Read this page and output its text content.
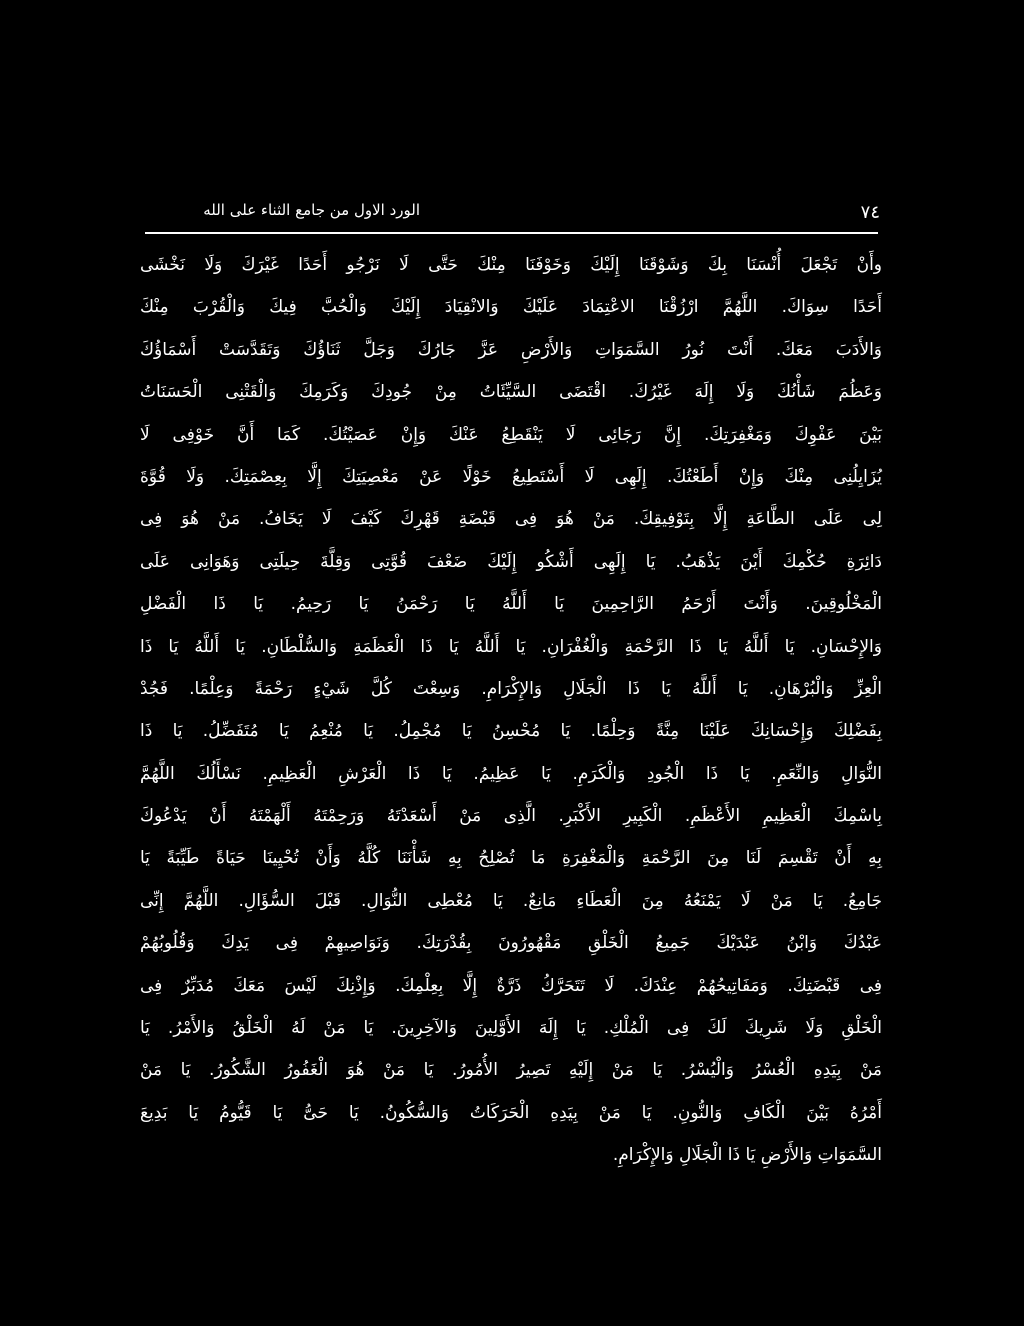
٧٤
الورد الاول من جامع الثناء على الله
وأَنْ تَجْعَلَ أُنْسَنَا بِكَ وَشَوْقَنَا إِلَيْكَ وَخَوْفَنَا مِنْكَ حَتَّى لَا نَرْجُو أَحَدًا غَيْرَكَ وَلَا نَخْشَى
أَحَدًا سِوَاكَ. اللَّهُمَّ ارْزُقْنَا الاعْتِمَادَ عَلَيْكَ وَالانْقِيَادَ إِلَيْكَ وَالْحُبَّ فِيكَ وَالْقُرْبَ مِنْكَ
وَالأَدَبَ مَعَكَ. أَنْتَ نُورُ السَّمَوَاتِ وَالأَرْضِ عَزَّ جَارُكَ وَجَلَّ ثَنَاؤُكَ وَتَقَدَّسَتْ أَسْمَاؤُكَ
وَعَظُمَ شَأْنُكَ وَلَا إِلَهَ غَيْرُكَ. اقْتَضَى السَّيِّئَاتُ مِنْ جُودِكَ وَكَرَمِكَ وَالْقَتْنِى الْحَسَنَاتُ
بَيْنَ عَفْوِكَ وَمَغْفِرَتِكَ. إِنَّ رَجَائِى لَا يَنْقَطِعُ عَنْكَ وَإِنْ عَصَيْتُكَ. كَمَا أَنَّ خَوْفِى لَا
يُزَايِلُنِى مِنْكَ وَإِنْ أَطَعْتُكَ. إِلَهِى لَا أَسْتَطِيعُ خَوْلًا عَنْ مَعْصِيَتِكَ إِلَّا بِعِصْمَتِكَ. وَلَا قُوَّةَ
لِى عَلَى الطَّاعَةِ إِلَّا بِتَوْفِيقِكَ. مَنْ هُوَ فِى قَبْضَةِ قَهْرِكَ كَيْفَ لَا يَخَافُ. مَنْ هُوَ فِى
دَائِرَةِ حُكْمِكَ أَيْنَ يَذْهَبُ. يَا إِلَهِى أَشْكُو إِلَيْكَ ضَعْفَ قُوَّتِى وَقِلَّةَ حِيلَتِى وَهَوَانِى عَلَى
الْمَخْلُوقِينَ. وَأَنْتَ أَرْحَمُ الرَّاحِمِينَ يَا أَللَّهُ يَا رَحْمَنُ يَا رَحِيمُ. يَا ذَا الْفَضْلِ
وَالإِحْسَانِ. يَا أَللَّهُ يَا ذَا الرَّحْمَةِ وَالْغُفْرَانِ. يَا أَللَّهُ يَا ذَا الْعَظَمَةِ وَالسُّلْطَانِ. يَا أَللَّهُ يَا ذَا
الْعِزِّ وَالْبُرْهَانِ. يَا أَللَّهُ يَا ذَا الْجَلَالِ وَالإِكْرَامِ. وَسِعْتَ كُلَّ شَيْءٍ رَحْمَةً وَعِلْمًا. فَجُدْ
بِفَضْلِكَ وَإِحْسَانِكَ عَلَيْنَا مِنَّةً وَحِلْمًا. يَا مُحْسِنُ يَا مُجْمِلُ. يَا مُنْعِمُ يَا مُتَفَضِّلُ. يَا ذَا
النُّوَالِ وَالنِّعَمِ. يَا ذَا الْجُودِ وَالْكَرَمِ. يَا عَظِيمُ. يَا ذَا الْعَرْشِ الْعَظِيمِ. نَسْأَلُكَ اللَّهُمَّ
بِاسْمِكَ الْعَظِيمِ الأَعْظَمِ. الْكَبِيرِ الأَكْبَرِ. الَّذِى مَنْ أَسْعَدْتَهُ وَرَحِمْتَهُ أَلْهَمْتَهُ أَنْ يَدْعُوكَ
بِهِ أَنْ تَقْسِمَ لَنَا مِنَ الرَّحْمَةِ وَالْمَغْفِرَةِ مَا تُصْلِحُ بِهِ شَأْنَنَا كُلَّهُ وَأَنْ تُحْيِينَا حَيَاةً طَيِّبَةً يَا
جَامِعُ. يَا مَنْ لَا يَمْنَعُهُ مِنَ الْعَطَاءِ مَانِعٌ. يَا مُعْطِى النُّوَالِ. قَبْلَ السُّؤَالِ. اللَّهُمَّ إِنِّى
عَبْدُكَ وَابْنُ عَبْدَيْكَ جَمِيعُ الْخَلْقِ مَقْهُورُونَ بِقُدْرَتِكَ. وَنَوَاصِيهِمْ فِى يَدِكَ وَقُلُوبُهُمْ
فِى قَبْضَتِكَ. وَمَفَاتِيحُهُمْ عِنْدَكَ. لَا تَتَحَرَّكُ ذَرَّةٌ إِلَّا بِعِلْمِكَ. وَإِذْنِكَ لَيْسَ مَعَكَ مُدَبِّرٌ فِى
الْخَلْقِ وَلَا شَرِيكَ لَكَ فِى الْمُلْكِ. يَا إِلَهَ الأَوَّلِينَ وَالآخِرِينَ. يَا مَنْ لَهُ الْخَلْقُ وَالأَمْرُ. يَا
مَنْ بِيَدِهِ الْعُسْرُ وَالْيُسْرُ. يَا مَنْ إِلَيْهِ تَصِيرُ الأُمُورُ. يَا مَنْ هُوَ الْغَفُورُ الشَّكُورُ. يَا مَنْ
أَمْرُهُ بَيْنَ الْكَافِ وَالنُّونِ. يَا مَنْ بِيَدِهِ الْحَرَكَاتُ وَالسُّكُونُ. يَا حَىُّ يَا قَيُّومُ يَا بَدِيعَ
السَّمَوَاتِ وَالأَرْضِ يَا ذَا الْجَلَالِ وَالإِكْرَامِ.
